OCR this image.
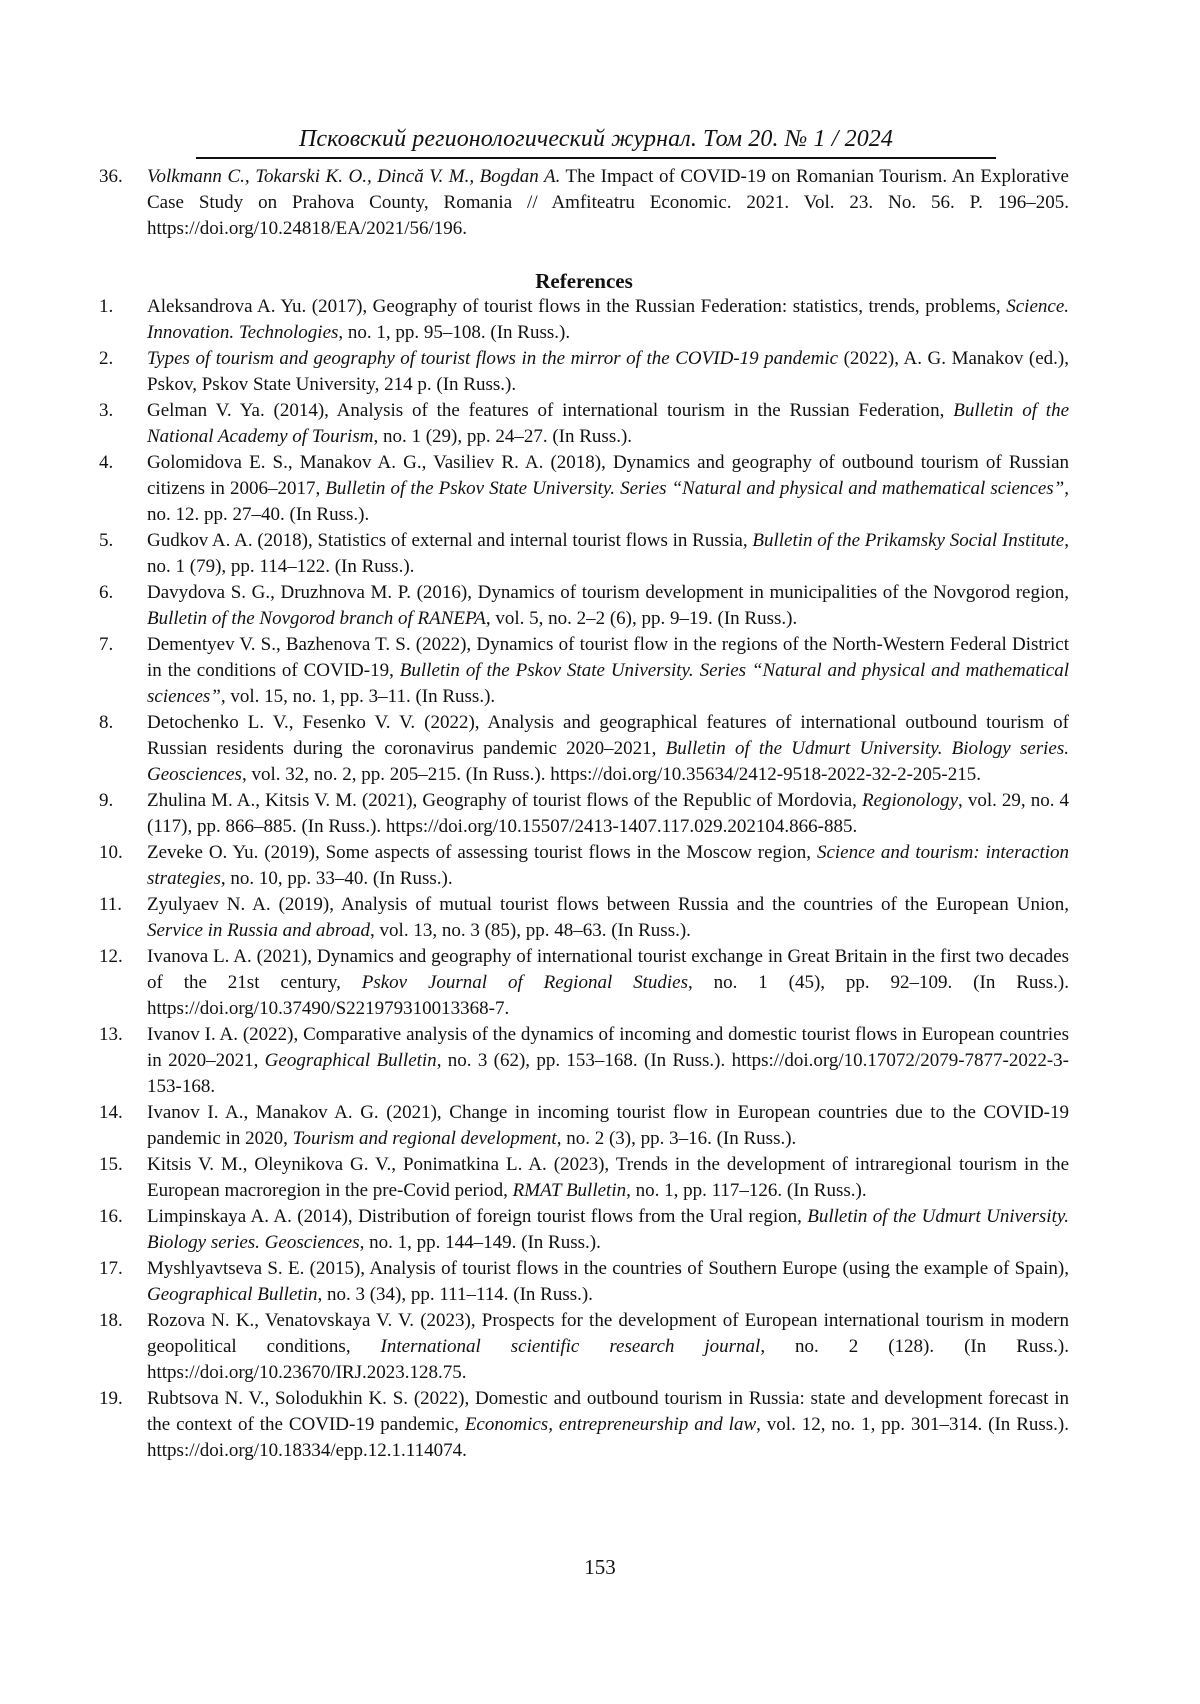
Псковский регионологический журнал. Том 20. № 1 / 2024

36.	Volkmann C., Tokarski K. O., Dincă V. M., Bogdan A. The Impact of COVID-19 on Romanian Tourism. An Explorative Case Study on Prahova County, Romania // Amfiteatru Economic. 2021. Vol. 23. No. 56. P. 196–205. https://doi.org/10.24818/EA/2021/56/196.

References

1.	Aleksandrova A. Yu. (2017), Geography of tourist flows in the Russian Federation: statistics, trends, problems, Science. Innovation. Technologies, no. 1, pp. 95–108. (In Russ.).

2.	Types of tourism and geography of tourist flows in the mirror of the COVID-19 pandemic (2022), A. G. Manakov (ed.), Pskov, Pskov State University, 214 p. (In Russ.).

3.	Gelman V. Ya. (2014), Analysis of the features of international tourism in the Russian Federation, Bulletin of the National Academy of Tourism, no. 1 (29), pp. 24–27. (In Russ.).

4.	Golomidova E. S., Manakov A. G., Vasiliev R. A. (2018), Dynamics and geography of outbound tourism of Russian citizens in 2006–2017, Bulletin of the Pskov State University. Series “Natural and physical and mathematical sciences”, no. 12. pp. 27–40. (In Russ.).

5.	Gudkov A. A. (2018), Statistics of external and internal tourist flows in Russia, Bulletin of the Prikamsky Social Institute, no. 1 (79), pp. 114–122. (In Russ.).

6.	Davydova S. G., Druzhnova M. P. (2016), Dynamics of tourism development in municipalities of the Novgorod region, Bulletin of the Novgorod branch of RANEPA, vol. 5, no. 2–2 (6), pp. 9–19. (In Russ.).

7.	Dementyev V. S., Bazhenova T. S. (2022), Dynamics of tourist flow in the regions of the North-Western Federal District in the conditions of COVID-19, Bulletin of the Pskov State University. Series “Natural and physical and mathematical sciences”, vol. 15, no. 1, pp. 3–11. (In Russ.).

8.	Detochenko L. V., Fesenko V. V. (2022), Analysis and geographical features of international outbound tourism of Russian residents during the coronavirus pandemic 2020–2021, Bulletin of the Udmurt University. Biology series. Geosciences, vol. 32, no. 2, pp. 205–215. (In Russ.). https://doi.org/10.35634/2412-9518-2022-32-2-205-215.

9.	Zhulina M. A., Kitsis V. M. (2021), Geography of tourist flows of the Republic of Mordovia, Regionology, vol. 29, no. 4 (117), pp. 866–885. (In Russ.). https://doi.org/10.15507/2413-1407.117.029.202104.866-885.

10.	Zeveke O. Yu. (2019), Some aspects of assessing tourist flows in the Moscow region, Science and tourism: interaction strategies, no. 10, pp. 33–40. (In Russ.).

11.	Zyulyaev N. A. (2019), Analysis of mutual tourist flows between Russia and the countries of the European Union, Service in Russia and abroad, vol. 13, no. 3 (85), pp. 48–63. (In Russ.).

12.	Ivanova L. A. (2021), Dynamics and geography of international tourist exchange in Great Britain in the first two decades of the 21st century, Pskov Journal of Regional Studies, no. 1 (45), pp. 92–109. (In Russ.). https://doi.org/10.37490/S221979310013368-7.

13.	Ivanov I. A. (2022), Comparative analysis of the dynamics of incoming and domestic tourist flows in European countries in 2020–2021, Geographical Bulletin, no. 3 (62), pp. 153–168. (In Russ.). https://doi.org/10.17072/2079-7877-2022-3-153-168.

14.	Ivanov I. A., Manakov A. G. (2021), Change in incoming tourist flow in European countries due to the COVID-19 pandemic in 2020, Tourism and regional development, no. 2 (3), pp. 3–16. (In Russ.).

15.	Kitsis V. M., Oleynikova G. V., Ponimatkina L. A. (2023), Trends in the development of intraregional tourism in the European macroregion in the pre-Covid period, RMAT Bulletin, no. 1, pp. 117–126. (In Russ.).

16.	Limpinskaya A. A. (2014), Distribution of foreign tourist flows from the Ural region, Bulletin of the Udmurt University. Biology series. Geosciences, no. 1, pp. 144–149. (In Russ.).

17.	Myshlyavtseva S. E. (2015), Analysis of tourist flows in the countries of Southern Europe (using the example of Spain), Geographical Bulletin, no. 3 (34), pp. 111–114. (In Russ.).

18.	Rozova N. K., Venatovskaya V. V. (2023), Prospects for the development of European international tourism in modern geopolitical conditions, International scientific research journal, no. 2 (128). (In Russ.). https://doi.org/10.23670/IRJ.2023.128.75.

19.	Rubtsova N. V., Solodukhin K. S. (2022), Domestic and outbound tourism in Russia: state and development forecast in the context of the COVID-19 pandemic, Economics, entrepreneurship and law, vol. 12, no. 1, pp. 301–314. (In Russ.). https://doi.org/10.18334/epp.12.1.114074.

153
